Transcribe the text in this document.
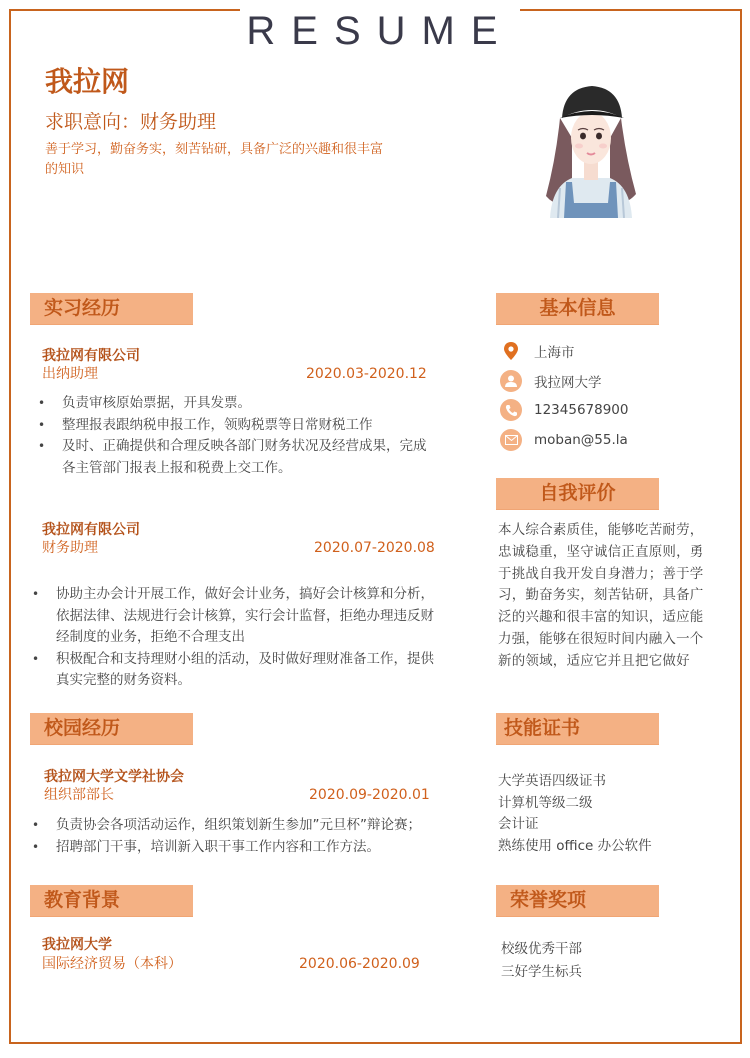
RESUME
我拉网
求职意向：财务助理
善于学习，勤奋务实，刻苦钻研，具备广泛的兴趣和很丰富的知识
实习经历
我拉网有限公司
出纳助理	2020.03-2020.12
• 负责审核原始票据，开具发票。
• 整理报表跟纳税申报工作，领购税票等日常财税工作
• 及时、正确提供和合理反映各部门财务状况及经营成果，完成各主管部门报表上报和税费上交工作。
我拉网有限公司
财务助理	2020.07-2020.08
• 协助主办会计开展工作，做好会计业务，搞好会计核算和分析，依据法律、法规进行会计核算，实行会计监督，拒绝办理违反财经制度的业务，拒绝不合理支出
• 积极配合和支持理财小组的活动，及时做好理财准备工作，提供真实完整的财务资料。
校园经历
我拉网大学文学社协会
组织部部长	2020.09-2020.01
• 负责协会各项活动运作，组织策划新生参加”元旦杯”辩论赛；
• 招聘部门干事，培训新入职干事工作内容和工作方法。
教育背景
我拉网大学
国际经济贸易（本科）	2020.06-2020.09
基本信息
上海市
我拉网大学
12345678900
moban@55.la
自我评价
本人综合素质佳，能够吃苦耐劳，忠诚稳重，坚守诚信正直原则，勇于挑战自我开发自身潜力；善于学习，勤奋务实，刻苦钻研，具备广泛的兴趣和很丰富的知识，适应能力强，能够在很短时间内融入一个新的领域，适应它并且把它做好
技能证书
大学英语四级证书
计算机等级二级
会计证
熟练使用 office 办公软件
荣誉奖项
校级优秀干部
三好学生标兵
